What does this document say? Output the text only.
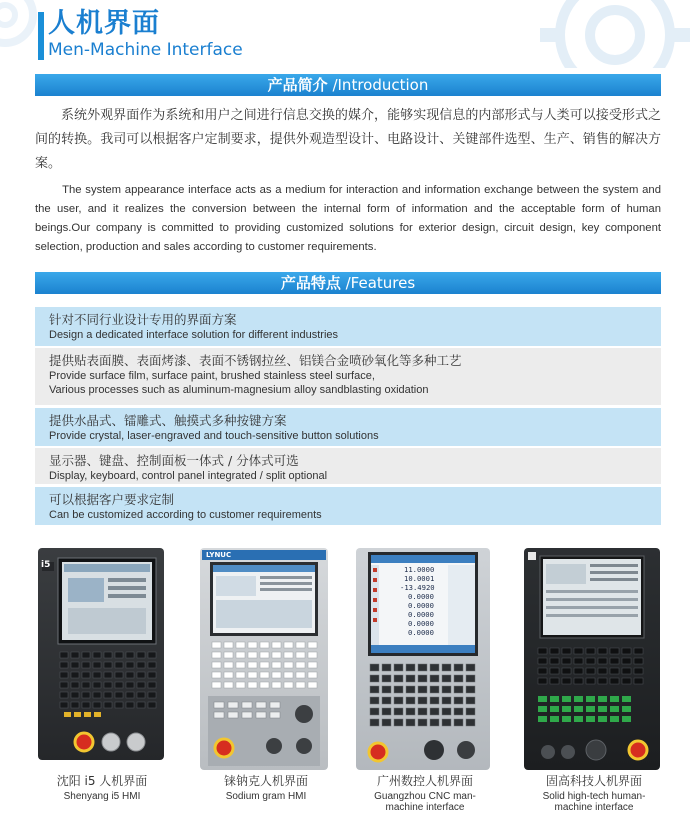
人机界面
Men-Machine Interface
产品简介 /Introduction

系统外观界面作为系统和用户之间进行信息交换的媒介，能够实现信息的内部形式与人类可以接受形式之间的转换。我司可以根据客户定制要求，提供外观造型设计、电路设计、关键部件选型、生产、销售的解决方案。

The system appearance interface acts as a medium for interaction and information exchange between the system and the user, and it realizes the conversion between the internal form of information and the acceptable form of human beings.Our company is committed to providing customized solutions for exterior design, circuit design, key component selection, production and sales according to customer requirements.

产品特点 /Features
针对不同行业设计专用的界面方案
Design a dedicated interface solution for different industries
提供贴表面膜、表面烤漆、表面不锈钢拉丝、铝镁合金喷砂氧化等多种工艺
Provide surface film, surface paint, brushed stainless steel surface,
Various processes such as aluminum-magnesium alloy sandblasting oxidation
提供水晶式、镭雕式、触摸式多种按键方案
Provide crystal, laser-engraved and touch-sensitive button solutions
显示器、键盘、控制面板一体式 / 分体式可选
Display, keyboard, control panel integrated / split optional
可以根据客户要求定制
Can be customized according to customer requirements
i5
沈阳 i5 人机界面
Shenyang i5 HMI
LYNUC
铼钠克人机界面
Sodium gram HMI
11.0000
10.0001
-13.4920
0.0000
0.0000
0.0000
0.0000
0.0000
广州数控人机界面
Guangzhou CNC man-machine interface
固高科技人机界面
Solid high-tech human-machine interface
